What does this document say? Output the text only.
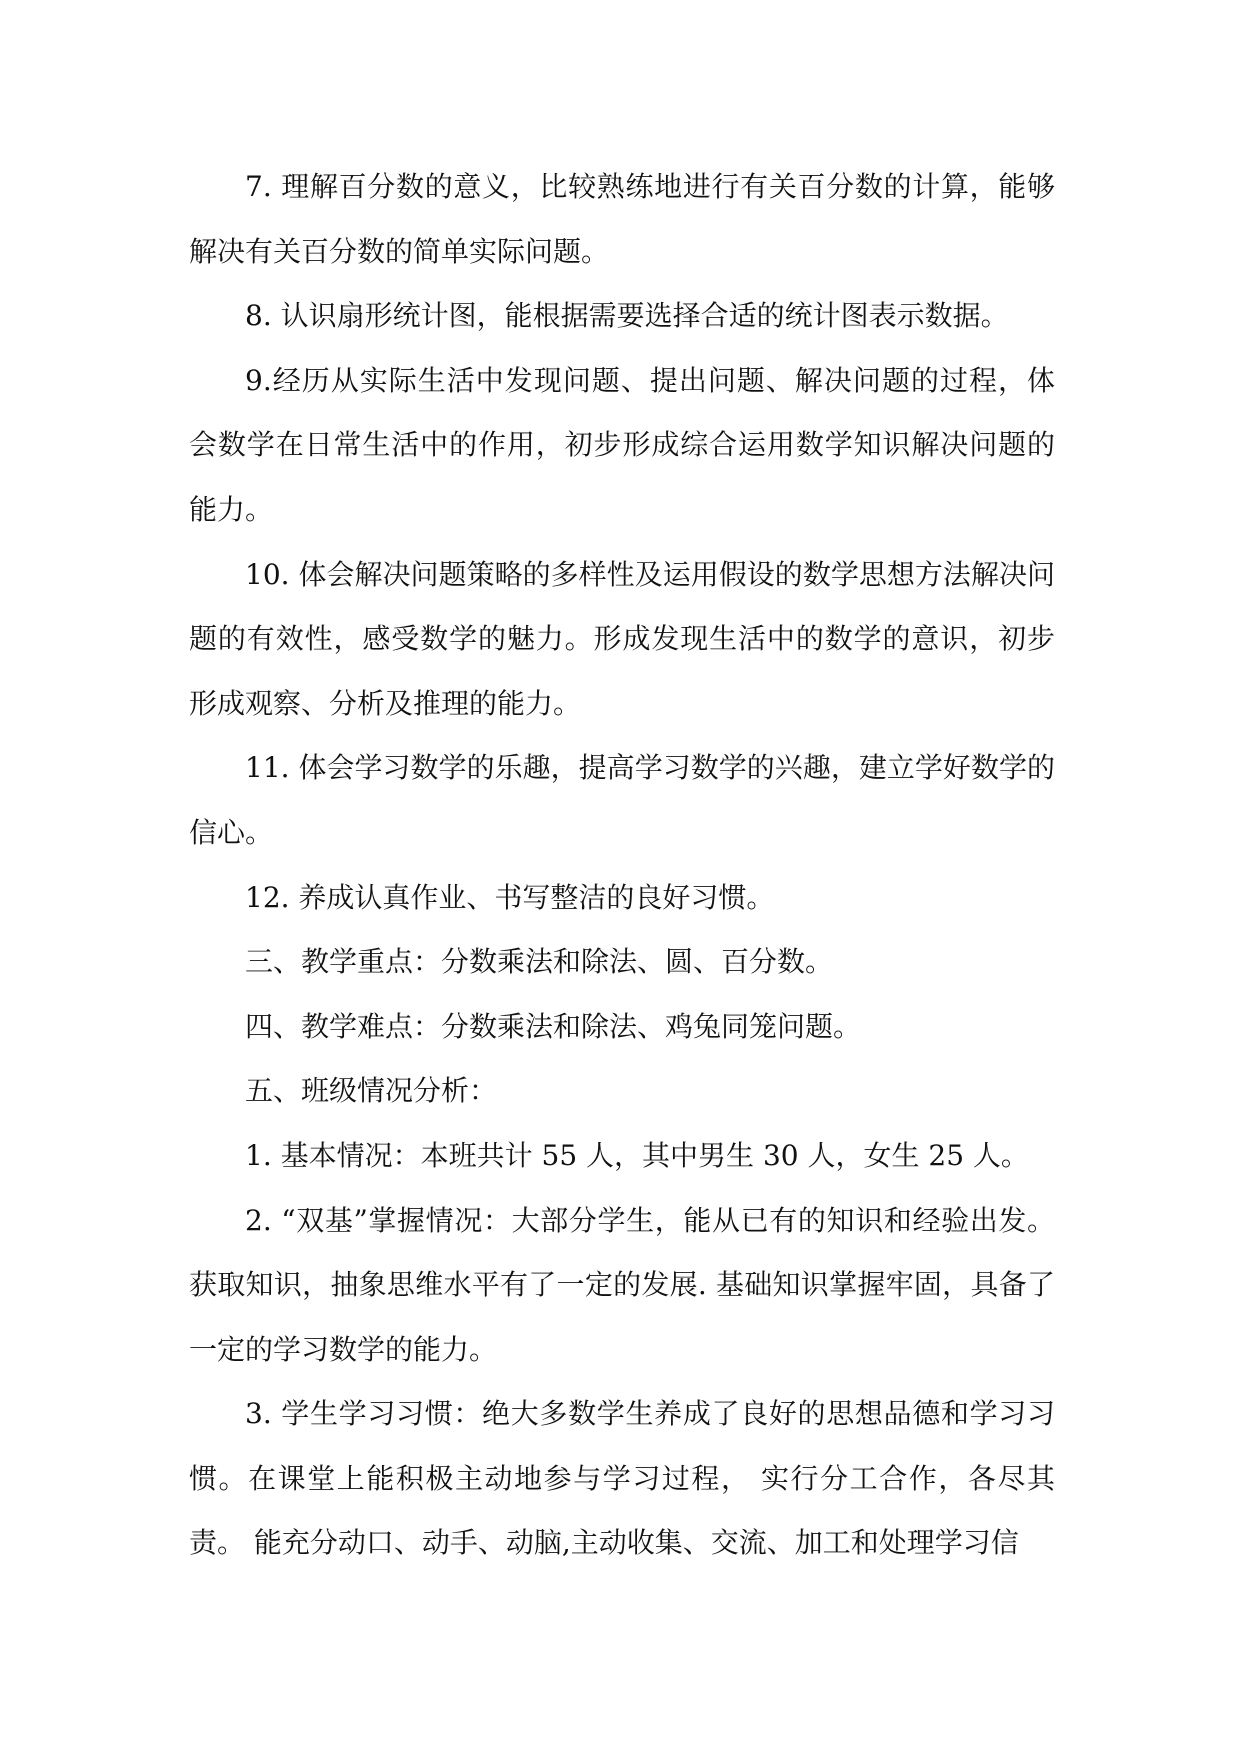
7. 理解百分数的意义，比较熟练地进行有关百分数的计算，能够解决有关百分数的简单实际问题。

8. 认识扇形统计图，能根据需要选择合适的统计图表示数据。

9.经历从实际生活中发现问题、提出问题、解决问题的过程，体会数学在日常生活中的作用，初步形成综合运用数学知识解决问题的能力。

10. 体会解决问题策略的多样性及运用假设的数学思想方法解决问题的有效性，感受数学的魅力。形成发现生活中的数学的意识，初步形成观察、分析及推理的能力。

11. 体会学习数学的乐趣，提高学习数学的兴趣，建立学好数学的信心。

12. 养成认真作业、书写整洁的良好习惯。

三、教学重点：分数乘法和除法、圆、百分数。

四、教学难点：分数乘法和除法、鸡兔同笼问题。

五、班级情况分析：

1. 基本情况：本班共计 55 人，其中男生 30 人，女生 25 人。

2. “双基”掌握情况：大部分学生，能从已有的知识和经验出发。获取知识，抽象思维水平有了一定的发展. 基础知识掌握牢固，具备了一定的学习数学的能力。

3. 学生学习习惯：绝大多数学生养成了良好的思想品德和学习习惯。在课堂上能积极主动地参与学习过程， 实行分工合作，各尽其责。 能充分动口、动手、动脑,主动收集、交流、加工和处理学习信
